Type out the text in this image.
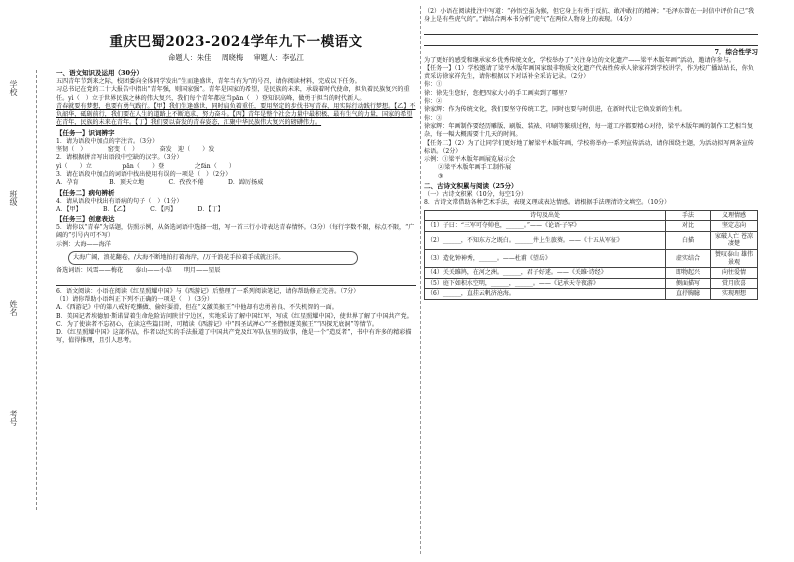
学校
班级
姓名
考号
重庆巴蜀2023-2024学年九下一模语文
命题人：朱佳 周晓梅 审题人：李弘江

一、语文知识及运用（30分）

五四青年节到来之际，校团委向全体同学发出“生而逢盛世，青年当有为”的号召，请你阅读材料，完成以下任务。

习总书记在党的二十大报告中指出“青年强，则国家强”。青年是国家的希望，是民族的未来，承载着时代使命，担负着民族复兴的重任。yì（　）立于世界民族之林的伟大复兴，我们每个青年都应当pān（　）登知识高峰，做勇于担当的时代新人。

青春就要有梦想，也要有勇气践行。【甲】我们生逢盛世，同时肩负着重任，要用坚定的步伐书写青春，用实际行动践行梦想。【乙】不负韶华，砥砺前行，我们要在人生的道路上不断追求、努力奋斗。【丙】青年是整个社会力量中最积极、最有生气的力量，国家的希望在青年，民族的未来在青年。【丁】我们要以奋发的青春姿态，汇聚中华民族伟大复兴的磅礴伟力。

【任务一】识词辨字

1．请为语段中加点的字注音。（3分）

坚韧（　）　　　　窑变（　）　　　　奋发　迎（　　）发

2．请根据拼音写出语段中空缺的汉字。（3分）

yì（　　）立　　　　　pān（　　）登　　　　　之fán（　　）

3．请在语段中加点的词语中找出使用有误的一项是（　）（2分）

A．孕育　　　　　B．顶天立地　　　　C．孜孜不倦　　　　D．踔厉扬威

【任务二】病句辨析

4．请从语段中找出有语病的句子（　）（1分）

A．【甲】　　　　B．【乙】　　　　C．【丙】　　　　D．【丁】

【任务三】创意表达

5．请你以“青春”为话题，仿照示例，从备选词语中选择一组，写一首三行小诗表达青春情怀。（3分）（每行字数不限，标点不限，“广阔的”引号内可不写）

示例：大海——海洋

大海广阔，浪花翻卷，/大海不断地拍打着海岸，/万千浪花手拉着手成就汪洋。

备选词语：风雪——梅花　　泰山——小草　　明月——星辰

6．语文阅读：小语在阅读《红星照耀中国》与《西游记》后整理了一系列阅读笔记，请你帮助修正完善。（7分）

（1）请你帮助小语纠正下列不正确的一项是（　）（3分）

A．《西游记》中的第八戒好吃懒做、偷奸耍滑，但在“义激美猴王”中他却有忠勇善良、不失机智的一面。

B．美国记者埃德加·斯诺冒着生命危险访问陕甘宁边区，实地采访了解中国红军，写成《红星照耀中国》，使世界了解了中国共产党。

C．为了使读者不忘初心，在读这些篇目时，可精读《西游记》中“四圣试禅心”“圣僧恨逐美猴王”“四探无底洞”等情节。

D．《红星照耀中国》这部作品，作者以纪实的手法报道了中国共产党及红军队伍里的故事，他是一个“造反者”，书中有许多的精彩描写，值得推理，且引人思考。

（2）小语在阅读批注中写道：“孙悟空虽为猴，但它身上有勇于反抗、敢冲敢打的精神；“毛泽东曾在一封信中评价自己“我身上是有些虎气的”。”请结合两本书分析“虎气”在两位人物身上的表现。（4分）

7．综合性学习

为了更好的感受和继承家乡优秀传统文化，学校举办了“关注身边的文化遗产——梁平木版年画”活动，邀请你参与。

【任务一】（1）学校邀请了梁平木版年画国家级非物质文化遗产代表性传承人徐家祥到学校讲学，作为校广播站站长，你负责采访徐家祥先生，请你根据以下对话补全采访记录。（2分）

你：①

徐：徐先生您好，您把四家大小的手工画卖到了哪里？

你：②

徐家辉：作为传统文化，我们要坚守传统工艺，同时也要与时俱进，在新时代让它焕发新的生机。

你：③

徐家辉：年画制作要经历雕版、刷版、装裱、印刷等繁琐过程，每一道工序都要精心对待，梁平木版年画的制作工艺相当复杂，每一幅大概需要十几天的时间。

【任务二】（2）为了让同学们更好地了解梁平木版年画，学校将举办一系列宣传活动，请你围绕主题，为活动拟写两条宣传标语。（2分）

示例：①梁平木版年画展览展示会

②梁平木版年画手工制作展

③

二、古诗文积累与阅读（25分）

（一）古诗文积累（10分，每空1分）

8．古诗文常借助各种艺术手法，表现义理或表达情感。请根据手法理清诗文填空。（10分）

诗句及出处	手法	义理情感
（1）子曰：“三军可夺帅也，______。”——《论语·子罕》	对比	坚定志向
（2）______，不知东方之既白。______井上生旅葵。——《十五从军征》	白描	家破人亡 苍凉凄楚
（3）造化钟神秀，______。——杜甫《望岳》	虚实结合	赞叹泰山 雄伟景观
（4）关关雎鸠，在河之洲。______，君子好逑。——《关雎·诗经》	即物起兴	向往爱情
（5）庭下如积水空明，______，______。——《记承天寺夜游》	侧面描写	赏月欣喜
（6）______，直挂云帆济沧海。	直抒胸臆	实现理想
